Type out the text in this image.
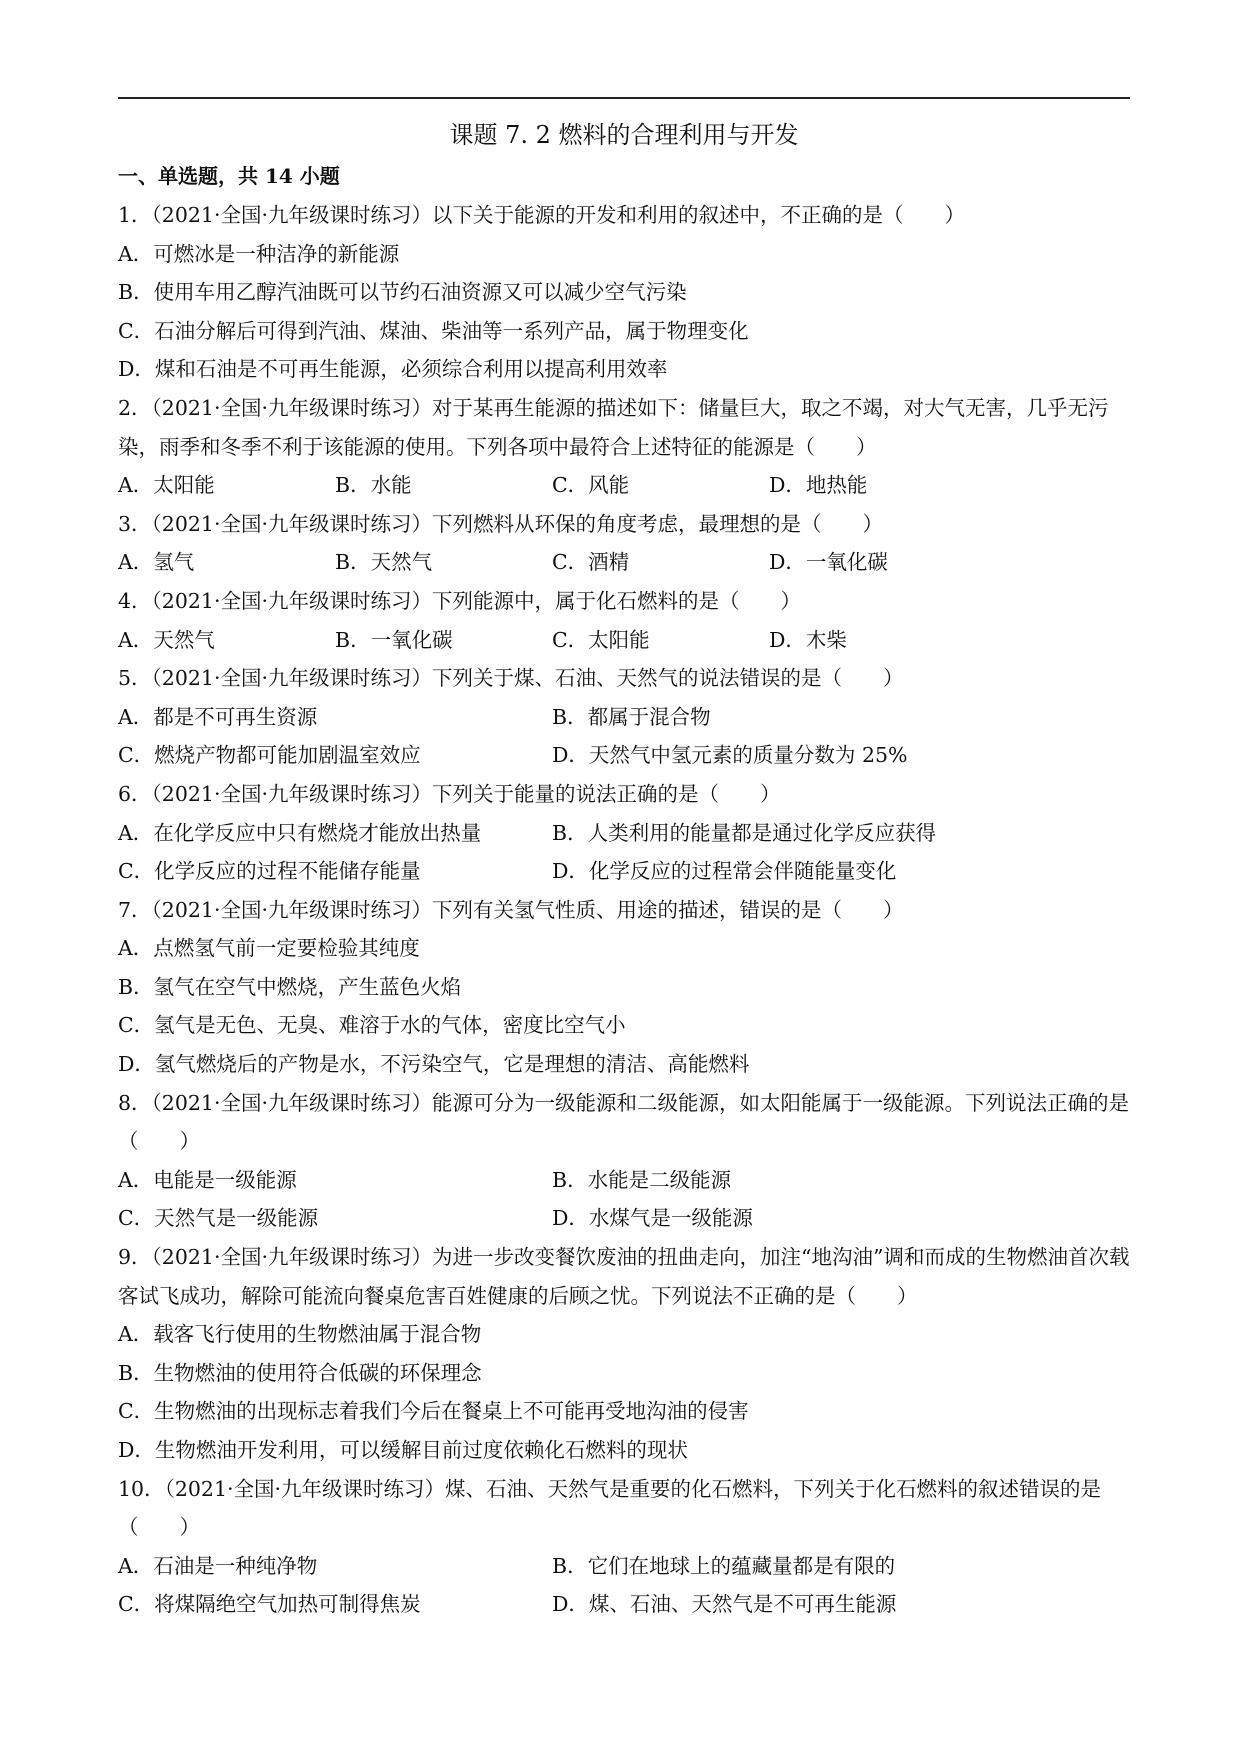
课题 7. 2 燃料的合理利用与开发
一、单选题，共 14 小题

1．（2021·全国·九年级课时练习）以下关于能源的开发和利用的叙述中，不正确的是（　　）

A．可燃冰是一种洁净的新能源
B．使用车用乙醇汽油既可以节约石油资源又可以减少空气污染
C．石油分解后可得到汽油、煤油、柴油等一系列产品，属于物理变化
D．煤和石油是不可再生能源，必须综合利用以提高利用效率

2．（2021·全国·九年级课时练习）对于某再生能源的描述如下：储量巨大，取之不竭，对大气无害，几乎无污染，雨季和冬季不利于该能源的使用。下列各项中最符合上述特征的能源是（　　）

A．太阳能	B．水能	C．风能	D．地热能

3．（2021·全国·九年级课时练习）下列燃料从环保的角度考虑，最理想的是（　　）

A．氢气	B．天然气	C．酒精	D．一氧化碳

4．（2021·全国·九年级课时练习）下列能源中，属于化石燃料的是（　　）

A．天然气	B．一氧化碳	C．太阳能	D．木柴

5．（2021·全国·九年级课时练习）下列关于煤、石油、天然气的说法错误的是（　　）

A．都是不可再生资源	B．都属于混合物
C．燃烧产物都可能加剧温室效应	D．天然气中氢元素的质量分数为 25%

6．（2021·全国·九年级课时练习）下列关于能量的说法正确的是（　　）

A．在化学反应中只有燃烧才能放出热量	B．人类利用的能量都是通过化学反应获得
C．化学反应的过程不能储存能量	D．化学反应的过程常会伴随能量变化

7．（2021·全国·九年级课时练习）下列有关氢气性质、用途的描述，错误的是（　　）

A．点燃氢气前一定要检验其纯度
B．氢气在空气中燃烧，产生蓝色火焰
C．氢气是无色、无臭、难溶于水的气体，密度比空气小
D．氢气燃烧后的产物是水，不污染空气，它是理想的清洁、高能燃料

8．（2021·全国·九年级课时练习）能源可分为一级能源和二级能源，如太阳能属于一级能源。下列说法正确的是（　　）

A．电能是一级能源	B．水能是二级能源
C．天然气是一级能源	D．水煤气是一级能源

9．（2021·全国·九年级课时练习）为进一步改变餐饮废油的扭曲走向，加注“地沟油”调和而成的生物燃油首次载客试飞成功，解除可能流向餐桌危害百姓健康的后顾之忧。下列说法不正确的是（　　）

A．载客飞行使用的生物燃油属于混合物
B．生物燃油的使用符合低碳的环保理念
C．生物燃油的出现标志着我们今后在餐桌上不可能再受地沟油的侵害
D．生物燃油开发利用，可以缓解目前过度依赖化石燃料的现状

10．（2021·全国·九年级课时练习）煤、石油、天然气是重要的化石燃料，下列关于化石燃料的叙述错误的是（　　）

A．石油是一种纯净物	B．它们在地球上的蕴藏量都是有限的
C．将煤隔绝空气加热可制得焦炭	D．煤、石油、天然气是不可再生能源
